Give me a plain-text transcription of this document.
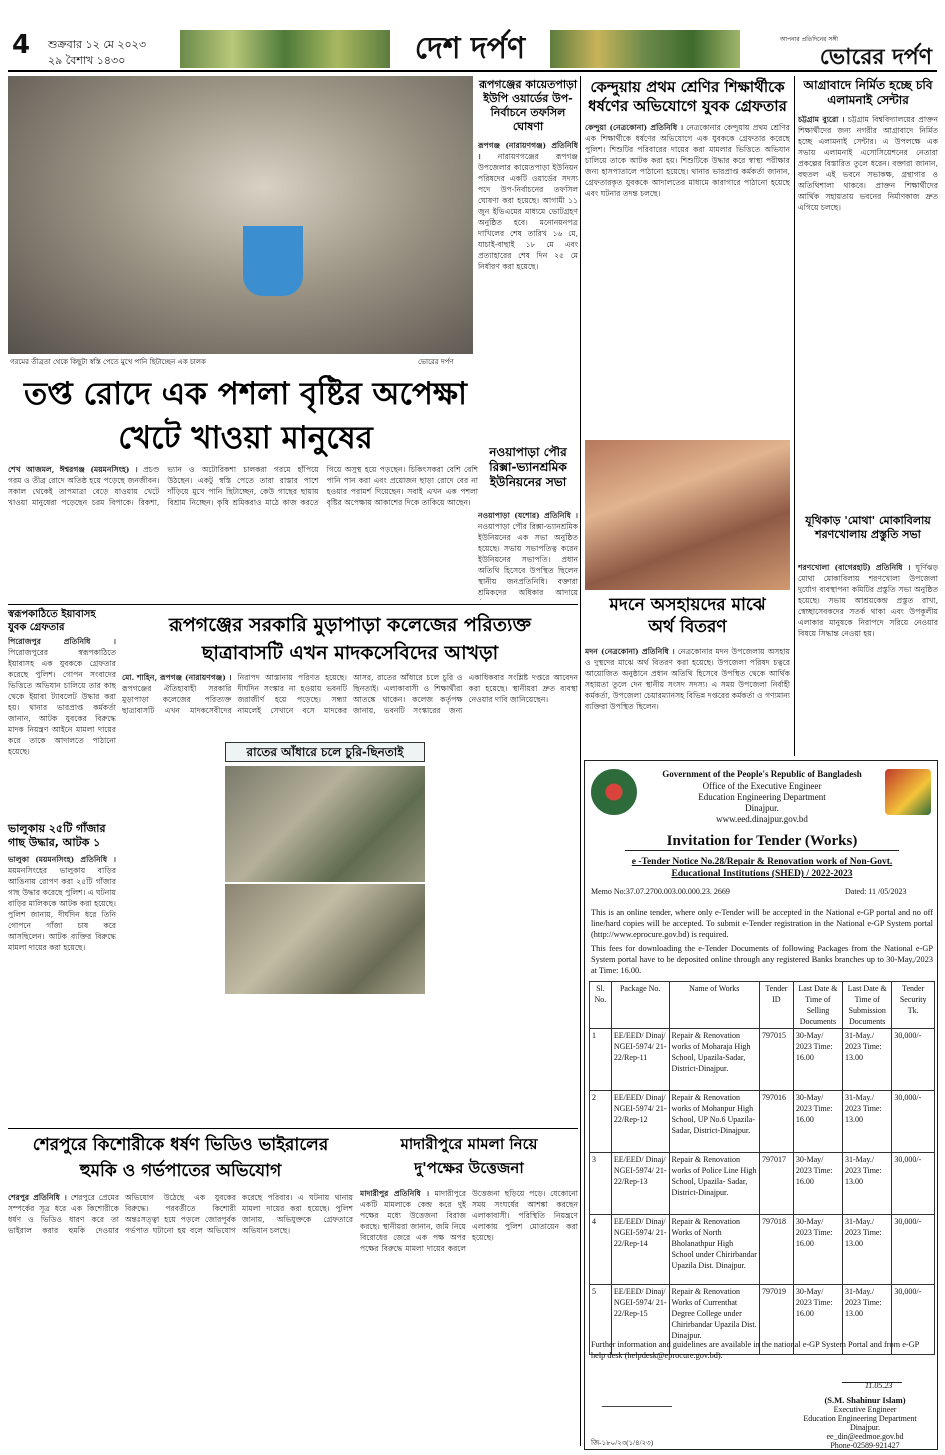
4 শুক্রবার ১২ মে ২০২৩
২৯ বৈশাখ ১৪৩০	দেশ দর্পণ	আপনার প্রতিদিনের সঙ্গী
ভোরের দর্পণ
গরমের তীব্রতা থেকে কিছুটা স্বস্তি পেতে মুখে পানি ছিটাচ্ছেন এক চালক	ভোরের দর্পণ
তপ্ত রোদে এক পশলা বৃষ্টির অপেক্ষা
খেটে খাওয়া মানুষের
শেখ আজমল, ঈশ্বরগঞ্জ (ময়মনসিংহ) । প্রচণ্ড গরম ও তীব্র রোদে অতিষ্ঠ হয়ে পড়েছে জনজীবন। সকাল থেকেই তাপমাত্রা বেড়ে যাওয়ায় খেটে খাওয়া মানুষেরা পড়েছেন চরম বিপাকে। রিকশা, ভ্যান ও অটোরিকশা চালকরা গরমে হাঁপিয়ে উঠছেন। একটু স্বস্তি পেতে তারা রাস্তার পাশে দাঁড়িয়ে মুখে পানি ছিটাচ্ছেন, কেউ গাছের ছায়ায় বিশ্রাম নিচ্ছেন। কৃষি শ্রমিকরাও মাঠে কাজ করতে গিয়ে অসুস্থ হয়ে পড়ছেন। চিকিৎসকরা বেশি বেশি পানি পান করা এবং প্রয়োজন ছাড়া রোদে বের না হওয়ার পরামর্শ দিয়েছেন। সবাই এখন এক পশলা বৃষ্টির অপেক্ষায় আকাশের দিকে তাকিয়ে আছেন।
রূপগঞ্জের কায়েতপাড়া ইউপি ওয়ার্ডের উপ-নির্বাচনে তফসিল ঘোষণা
রূপগঞ্জ (নারায়ণগঞ্জ) প্রতিনিধি । নারায়ণগঞ্জের রূপগঞ্জ উপজেলার কায়েতপাড়া ইউনিয়ন পরিষদের একটি ওয়ার্ডের সদস্য পদে উপ-নির্বাচনের তফসিল ঘোষণা করা হয়েছে। আগামী ১১ জুন ইভিএমের মাধ্যমে ভোটগ্রহণ অনুষ্ঠিত হবে। মনোনয়নপত্র দাখিলের শেষ তারিখ ১৬ মে, যাচাই-বাছাই ১৮ মে এবং প্রত্যাহারের শেষ দিন ২৫ মে নির্ধারণ করা হয়েছে।
নওয়াপাড়া পৌর রিক্সা-ভ্যানশ্রমিক ইউনিয়নের সভা
নওয়াপাড়া (যশোর) প্রতিনিধি । নওয়াপাড়া পৌর রিক্সা-ভ্যানশ্রমিক ইউনিয়নের এক সভা অনুষ্ঠিত হয়েছে। সভায় সভাপতিত্ব করেন ইউনিয়নের সভাপতি। প্রধান অতিথি হিসেবে উপস্থিত ছিলেন স্থানীয় জনপ্রতিনিধি। বক্তারা শ্রমিকদের অধিকার আদায়ে
কেন্দুয়ায় প্রথম শ্রেণির শিক্ষার্থীকে ধর্ষণের অভিযোগে যুবক গ্রেফতার
কেন্দুয়া (নেত্রকোনা) প্রতিনিধি । নেত্রকোনার কেন্দুয়ায় প্রথম শ্রেণির এক শিক্ষার্থীকে ধর্ষণের অভিযোগে এক যুবককে গ্রেফতার করেছে পুলিশ। শিশুটির পরিবারের দায়ের করা মামলার ভিত্তিতে অভিযান চালিয়ে তাকে আটক করা হয়। শিশুটিকে উদ্ধার করে স্বাস্থ্য পরীক্ষার জন্য হাসপাতালে পাঠানো হয়েছে। থানার ভারপ্রাপ্ত কর্মকর্তা জানান, গ্রেফতারকৃত যুবককে আদালতের মাধ্যমে কারাগারে পাঠানো হয়েছে এবং ঘটনার তদন্ত চলছে।
মদনে অসহায়দের মাঝে
অর্থ বিতরণ
মদন (নেত্রকোনা) প্রতিনিধি । নেত্রকোনার মদন উপজেলায় অসহায় ও দুস্থদের মাঝে অর্থ বিতরণ করা হয়েছে। উপজেলা পরিষদ চত্বরে আয়োজিত অনুষ্ঠানে প্রধান অতিথি হিসেবে উপস্থিত থেকে আর্থিক সহায়তা তুলে দেন স্থানীয় সংসদ সদস্য। এ সময় উপজেলা নির্বাহী কর্মকর্তা, উপজেলা চেয়ারম্যানসহ বিভিন্ন দপ্তরের কর্মকর্তা ও গণ্যমান্য ব্যক্তিরা উপস্থিত ছিলেন।
আগ্রাবাদে নির্মিত হচ্ছে চবি এলামনাই সেন্টার
চট্টগ্রাম ব্যুরো । চট্টগ্রাম বিশ্ববিদ্যালয়ের প্রাক্তন শিক্ষার্থীদের জন্য নগরীর আগ্রাবাদে নির্মিত হচ্ছে এলামনাই সেন্টার। এ উপলক্ষে এক সভায় এলামনাই এসোসিয়েশনের নেতারা প্রকল্পের বিস্তারিত তুলে ধরেন। বক্তারা জানান, বহুতল এই ভবনে সভাকক্ষ, গ্রন্থাগার ও অতিথিশালা থাকবে। প্রাক্তন শিক্ষার্থীদের আর্থিক সহায়তায় ভবনের নির্মাণকাজ দ্রুত এগিয়ে চলছে।
যূথিকাড় 'মোথা' মোকাবিলায় শরণখোলায় প্রস্তুতি সভা
শরণখোলা (বাগেরহাট) প্রতিনিধি । ঘূর্ণিঝড় মোথা মোকাবিলায় শরণখোলা উপজেলা দুর্যোগ ব্যবস্থাপনা কমিটির প্রস্তুতি সভা অনুষ্ঠিত হয়েছে। সভায় আশ্রয়কেন্দ্র প্রস্তুত রাখা, স্বেচ্ছাসেবকদের সতর্ক থাকা এবং উপকূলীয় এলাকার মানুষকে নিরাপদে সরিয়ে নেওয়ার বিষয়ে সিদ্ধান্ত নেওয়া হয়।
স্বরূপকাঠিতে ইয়াবাসহ যুবক গ্রেফতার
পিরোজপুর প্রতিনিধি । পিরোজপুরের স্বরূপকাঠিতে ইয়াবাসহ এক যুবককে গ্রেফতার করেছে পুলিশ। গোপন সংবাদের ভিত্তিতে অভিযান চালিয়ে তার কাছ থেকে ইয়াবা ট্যাবলেট উদ্ধার করা হয়। থানার ভারপ্রাপ্ত কর্মকর্তা জানান, আটক যুবকের বিরুদ্ধে মাদক নিয়ন্ত্রণ আইনে মামলা দায়ের করে তাকে আদালতে পাঠানো হয়েছে।
ভালুকায় ২৫টি গাঁজার গাছ উদ্ধার, আটক ১
ভালুকা (ময়মনসিংহ) প্রতিনিধি । ময়মনসিংহের ভালুকায় বাড়ির আঙিনায় রোপণ করা ২৫টি গাঁজার গাছ উদ্ধার করেছে পুলিশ। এ ঘটনায় বাড়ির মালিককে আটক করা হয়েছে। পুলিশ জানায়, দীর্ঘদিন ধরে তিনি গোপনে গাঁজা চাষ করে আসছিলেন। আটক ব্যক্তির বিরুদ্ধে মামলা দায়ের করা হয়েছে।
রূপগঞ্জের সরকারি মুড়াপাড়া কলেজের পরিত্যক্ত
ছাত্রাবাসটি এখন মাদকসেবিদের আখড়া
মো. শাহিন, রূপগঞ্জ (নারায়ণগঞ্জ) । রূপগঞ্জের ঐতিহ্যবাহী সরকারি মুড়াপাড়া কলেজের পরিত্যক্ত ছাত্রাবাসটি এখন মাদকসেবীদের নিরাপদ আস্তানায় পরিণত হয়েছে। দীর্ঘদিন সংস্কার না হওয়ায় ভবনটি জরাজীর্ণ হয়ে পড়েছে। সন্ধ্যা নামলেই সেখানে বসে মাদকের আসর, রাতের আঁধারে চলে চুরি ও ছিনতাই। এলাকাবাসী ও শিক্ষার্থীরা আতঙ্কে থাকেন। কলেজ কর্তৃপক্ষ জানায়, ভবনটি সংস্কারের জন্য একাধিকবার সংশ্লিষ্ট দপ্তরে আবেদন করা হয়েছে। স্থানীয়রা দ্রুত ব্যবস্থা নেওয়ার দাবি জানিয়েছেন।
রাতের আঁধারে চলে চুরি-ছিনতাই
শেরপুরে কিশোরীকে ধর্ষণ ভিডিও ভাইরালের
হুমকি ও গর্ভপাতের অভিযোগ
শেরপুর প্রতিনিধি । শেরপুরে প্রেমের সম্পর্কের সূত্র ধরে এক কিশোরীকে ধর্ষণ ও ভিডিও ধারণ করে তা ভাইরাল করার হুমকি দেওয়ার অভিযোগ উঠেছে এক যুবকের বিরুদ্ধে। পরবর্তীতে কিশোরী অন্তঃসত্ত্বা হয়ে পড়লে জোরপূর্বক গর্ভপাত ঘটানো হয় বলে অভিযোগ করেছে পরিবার। এ ঘটনায় থানায় মামলা দায়ের করা হয়েছে। পুলিশ জানায়, অভিযুক্তকে গ্রেফতারে অভিযান চলছে।
মাদারীপুরে মামলা নিয়ে
দু'পক্ষের উত্তেজনা
মাদারীপুর প্রতিনিধি । মাদারীপুরে একটি মামলাকে কেন্দ্র করে দুই পক্ষের মধ্যে উত্তেজনা বিরাজ করছে। স্থানীয়রা জানান, জমি নিয়ে বিরোধের জেরে এক পক্ষ অপর পক্ষের বিরুদ্ধে মামলা দায়ের করলে উত্তেজনা ছড়িয়ে পড়ে। যেকোনো সময় সংঘর্ষের আশঙ্কা করছেন এলাকাবাসী। পরিস্থিতি নিয়ন্ত্রণে এলাকায় পুলিশ মোতায়েন করা হয়েছে।
Government of the People's Republic of Bangladesh
Office of the Executive Engineer
Education Engineering Department
Dinajpur.
www.eed.dinajpur.gov.bd
Invitation for Tender (Works)
e -Tender Notice No.28/Repair & Renovation work of Non-Govt.
Educational Institutions (SHED) / 2022-2023
Memo No:37.07.2700.003.00.000.23. 2669	Dated: 11 /05/2023
This is an online tender, where only e-Tender will be accepted in the National e-GP portal and no off line/hard copies will be accepted. To submit e-Tender registration in the National e-GP System portal (http://www.eprocure.gov.bd) is required.
This fees for downloading the e-Tender Documents of following Packages from the National e-GP System portal have to be deposited online through any registered Banks branches up to 30-May,/2023 at Time: 16.00.
Sl. No.	Package No.	Name of Works	Tender ID	Last Date & Time of Selling Documents	Last Date & Time of Submission Documents	Tender Security Tk.
1	EE/EED/ Dinaj/ NGEI-5974/ 21-22/Rep-11	Repair & Renovation works of Moharaja High School, Upazila-Sadar, District-Dinajpur.	797015	30-May/ 2023 Time: 16.00	31-May./ 2023 Time: 13.00	30,000/-
2	EE/EED/ Dinaj/ NGEI-5974/ 21-22/Rep-12	Repair & Renovation works of Mohanpur High School, UP No.6 Upazila- Sadar, District-Dinajpur.	797016	30-May/ 2023 Time: 16.00	31-May./ 2023 Time: 13.00	30,000/-
3	EE/EED/ Dinaj/ NGEI-5974/ 21-22/Rep-13	Repair & Renovation works of Police Line High School, Upazila- Sadar, District-Dinajpur.	797017	30-May/ 2023 Time: 16.00	31-May./ 2023 Time: 13.00	30,000/-
4	EE/EED/ Dinaj/ NGEI-5974/ 21-22/Rep-14	Repair & Renovation Works of North Bholanathpur High School under Chirirbandar Upazila Dist. Dinajpur.	797018	30-May/ 2023 Time: 16.00	31-May./ 2023 Time: 13.00	30,000/-
5	EE/EED/ Dinaj/ NGEI-5974/ 21-22/Rep-15	Repair & Renovation Works of Currenthat Degree College under Chirirbandar Upazila Dist. Dinajpur.	797019	30-May/ 2023 Time: 16.00	31-May./ 2023 Time: 13.00	30,000/-
Further information and guidelines are available in the national e-GP System Portal and from e-GP help desk (helpdesk@eprocure.gov.bd).
11.05.23
(S.M. Shahinur Islam)
Executive Engineer
Education Engineering Department
Dinajpur.
ee_din@eedmoe.gov.bd
Phone-02589-921427
জি-১৮০/২৩(১/৪/২৩)
